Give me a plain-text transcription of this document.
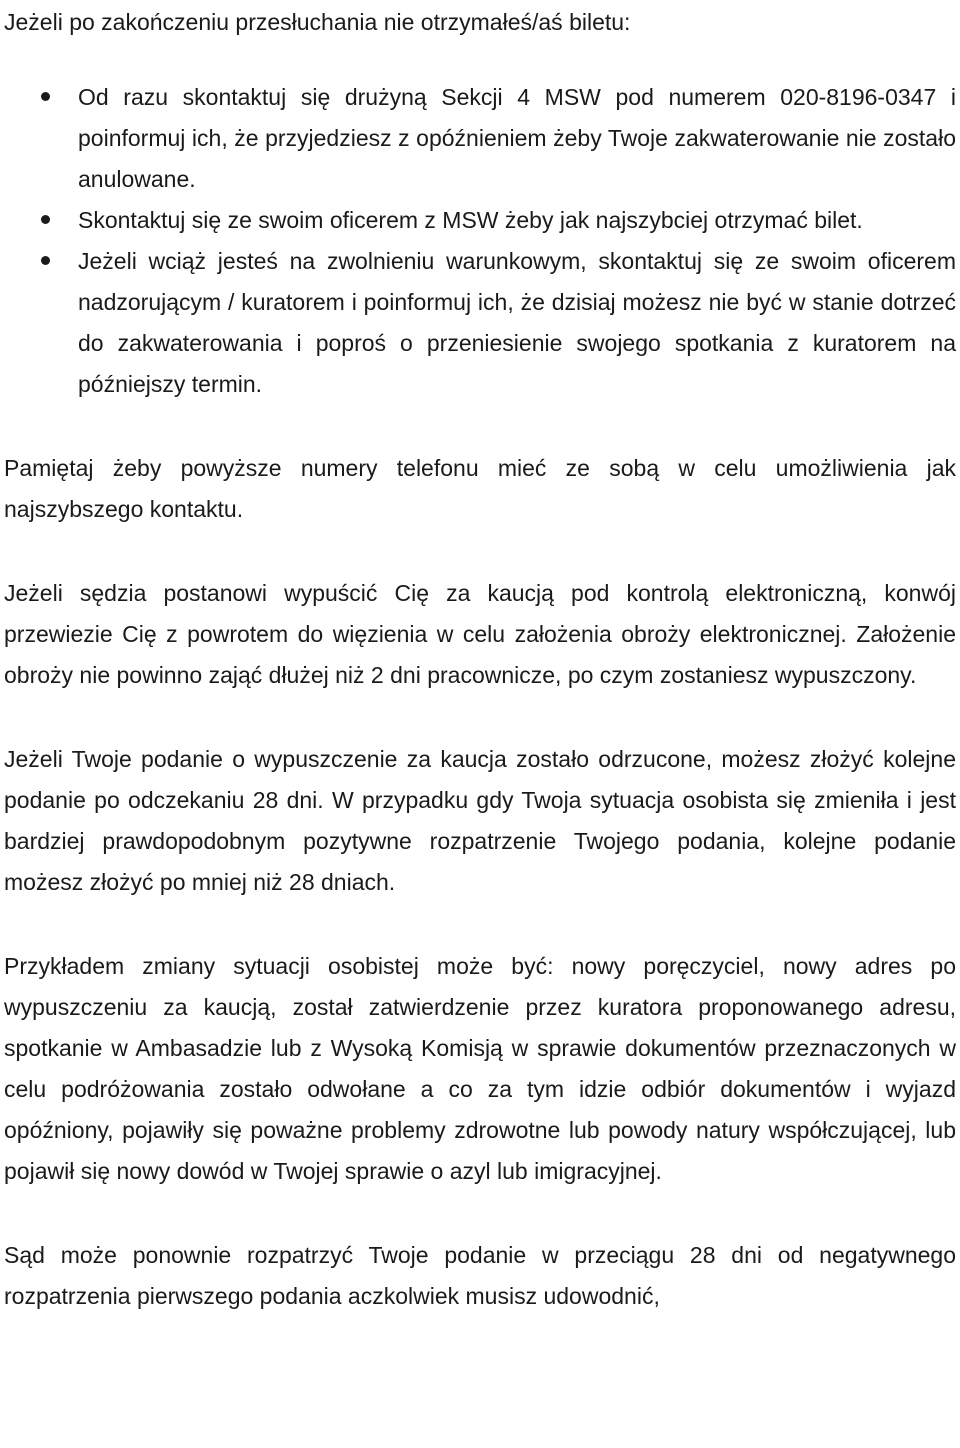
Jeżeli po zakończeniu przesłuchania nie otrzymałeś/aś biletu:

Od razu skontaktuj się drużyną Sekcji 4 MSW pod numerem 020-8196-0347 i poinformuj ich, że przyjedziesz z opóźnieniem żeby Twoje zakwaterowanie nie zostało anulowane.
Skontaktuj się ze swoim oficerem z MSW żeby jak najszybciej otrzymać bilet.
Jeżeli wciąż jesteś na zwolnieniu warunkowym, skontaktuj się ze swoim oficerem nadzorującym / kuratorem i poinformuj ich, że dzisiaj możesz nie być w stanie dotrzeć do zakwaterowania i poproś o przeniesienie swojego spotkania z kuratorem na późniejszy termin.

Pamiętaj żeby powyższe numery telefonu mieć ze sobą w celu umożliwienia jak najszybszego kontaktu.

Jeżeli sędzia postanowi wypuścić Cię za kaucją pod kontrolą elektroniczną, konwój przewiezie Cię z powrotem do więzienia w celu założenia obroży elektronicznej. Założenie obroży nie powinno zająć dłużej niż 2 dni pracownicze, po czym zostaniesz wypuszczony.

Jeżeli Twoje podanie o wypuszczenie za kaucja zostało odrzucone, możesz złożyć kolejne podanie po odczekaniu 28 dni. W przypadku gdy Twoja sytuacja osobista się zmieniła i jest bardziej prawdopodobnym pozytywne rozpatrzenie Twojego podania, kolejne podanie możesz złożyć po mniej niż 28 dniach.

Przykładem zmiany sytuacji osobistej może być: nowy poręczyciel, nowy adres po wypuszczeniu za kaucją, został zatwierdzenie przez kuratora proponowanego adresu, spotkanie w Ambasadzie lub z Wysoką Komisją w sprawie dokumentów przeznaczonych w celu podróżowania zostało odwołane a co za tym idzie odbiór dokumentów i wyjazd opóźniony, pojawiły się poważne problemy zdrowotne lub powody natury współczującej, lub pojawił się nowy dowód w Twojej sprawie o azyl lub imigracyjnej.

Sąd może ponownie rozpatrzyć Twoje podanie w przeciągu 28 dni od negatywnego rozpatrzenia pierwszego podania aczkolwiek musisz udowodnić,
